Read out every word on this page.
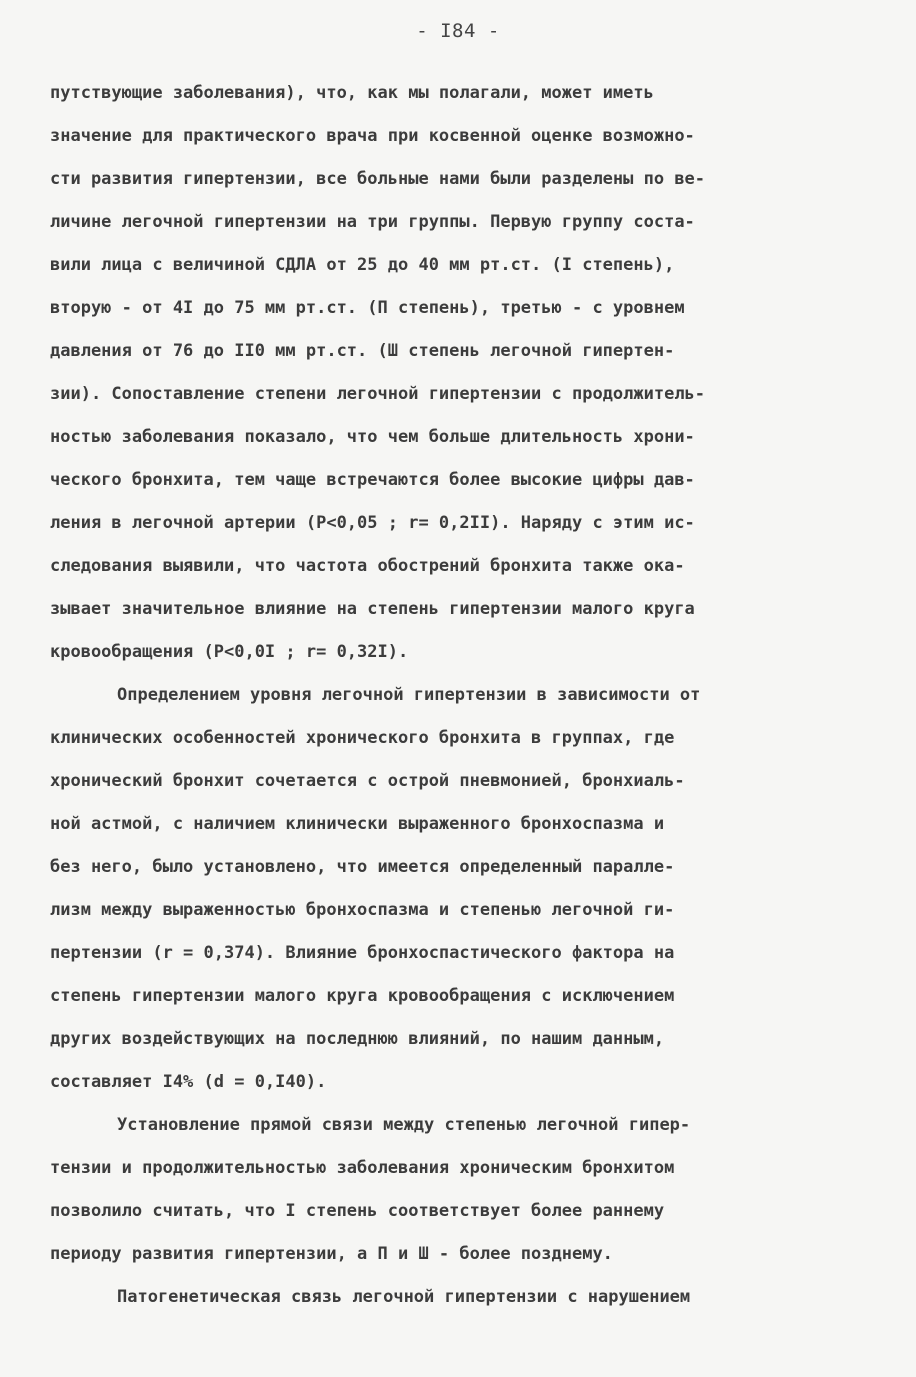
- I84 -
путствующие заболевания), что, как мы полагали, может иметь
значение для практического врача при косвенной оценке возможно-
сти развития гипертензии, все больные нами были разделены по ве-
личине легочной гипертензии на три группы. Первую группу соста-
вили лица с величиной СДЛА от 25 до 40 мм рт.ст. (I степень),
вторую - от 4I до 75 мм рт.ст. (П степень), третью - с уровнем
давления от 76 до II0 мм рт.ст. (Ш степень легочной гипертен-
зии). Сопоставление степени легочной гипертензии с продолжитель-
ностью заболевания показало, что чем больше длительность хрони-
ческого бронхита, тем чаще встречаются более высокие цифры дав-
ления в легочной артерии (Р<0,05 ; r= 0,2II). Наряду с этим ис-
следования выявили, что частота обострений бронхита также ока-
зывает значительное влияние на степень гипертензии малого круга
кровообращения (Р<0,0I ; r= 0,32I).
Определением уровня легочной гипертензии в зависимости от
клинических особенностей хронического бронхита в группах, где
хронический бронхит сочетается с острой пневмонией, бронхиаль-
ной астмой, с наличием клинически выраженного бронхоспазма и
без него, было установлено, что имеется определенный паралле-
лизм между выраженностью бронхоспазма и степенью легочной ги-
пертензии (r = 0,374). Влияние бронхоспастического фактора на
степень гипертензии малого круга кровообращения с исключением
других воздействующих на последнюю влияний, по нашим данным,
составляет I4% (d = 0,I40).
Установление прямой связи между степенью легочной гипер-
тензии и продолжительностью заболевания хроническим бронхитом
позволило считать, что I степень соответствует более раннему
периоду развития гипертензии, а П и Ш - более позднему.
Патогенетическая связь легочной гипертензии с нарушением
